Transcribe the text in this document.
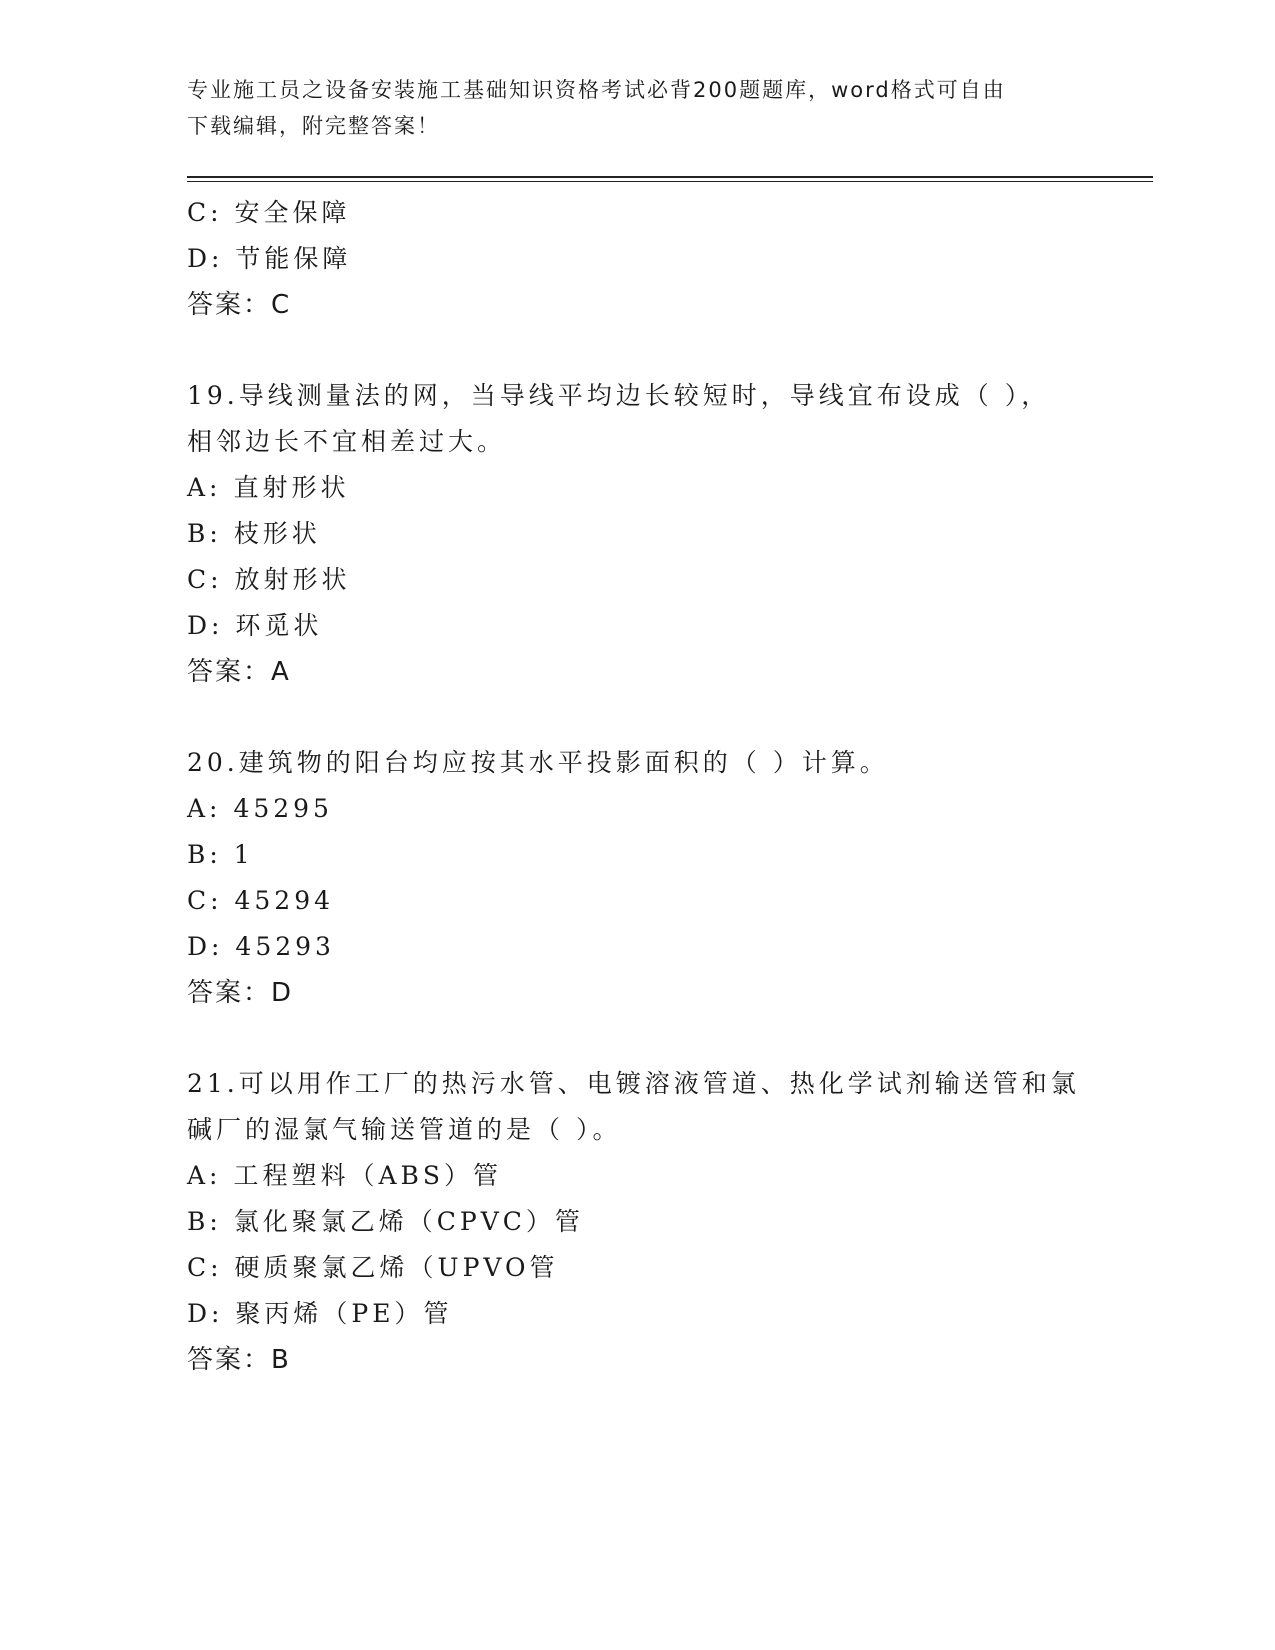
专业施工员之设备安装施工基础知识资格考试必背200题题库，word格式可自由
下载编辑，附完整答案！
C: 安全保障
D: 节能保障
答案：C
19.导线测量法的网，当导线平均边长较短时，导线宜布设成（ ），
相邻边长不宜相差过大。
A: 直射形状
B: 枝形状
C: 放射形状
D: 环觅状
答案：A
20.建筑物的阳台均应按其水平投影面积的（ ）计算。
A: 45295
B: 1
C: 45294
D: 45293
答案：D
21.可以用作工厂的热污水管、电镀溶液管道、热化学试剂输送管和氯
碱厂的湿氯气输送管道的是（ ）。
A: 工程塑料（ABS）管
B: 氯化聚氯乙烯（CPVC）管
C: 硬质聚氯乙烯（UPVO管
D: 聚丙烯（PE）管
答案：B
